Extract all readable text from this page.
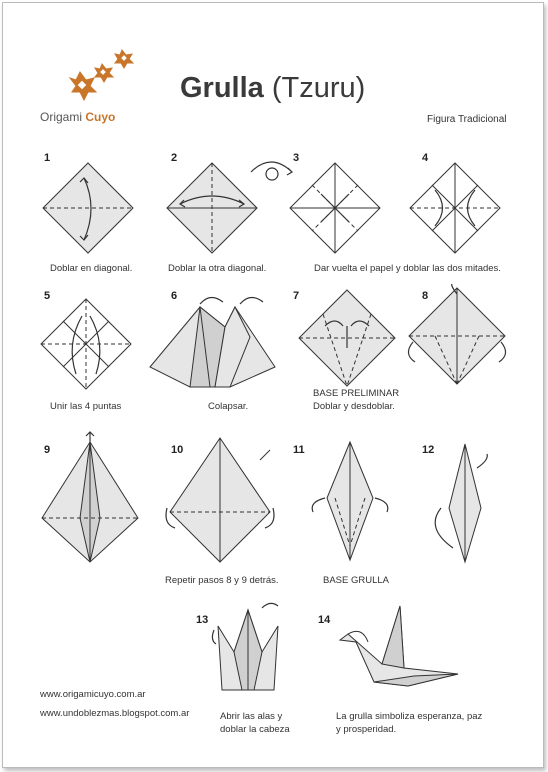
Origami Cuyo
Grulla (Tzuru)
Figura Tradicional
1
Doblar en diagonal.
2
Doblar la otra diagonal.
3
Dar vuelta el papel y doblar las dos mitades.
4
5
Unir las 4 puntas
6
Colapsar.
7
BASE PRELIMINAR
Doblar y desdoblar.
8
9	10
Repetir pasos 8 y 9 detrás.
11
BASE GRULLA
12
13
Abrir las alas y
doblar la cabeza
14
La grulla simboliza esperanza, paz
y prosperidad.
www.origamicuyo.com.ar
www.undoblezmas.blogspot.com.ar
